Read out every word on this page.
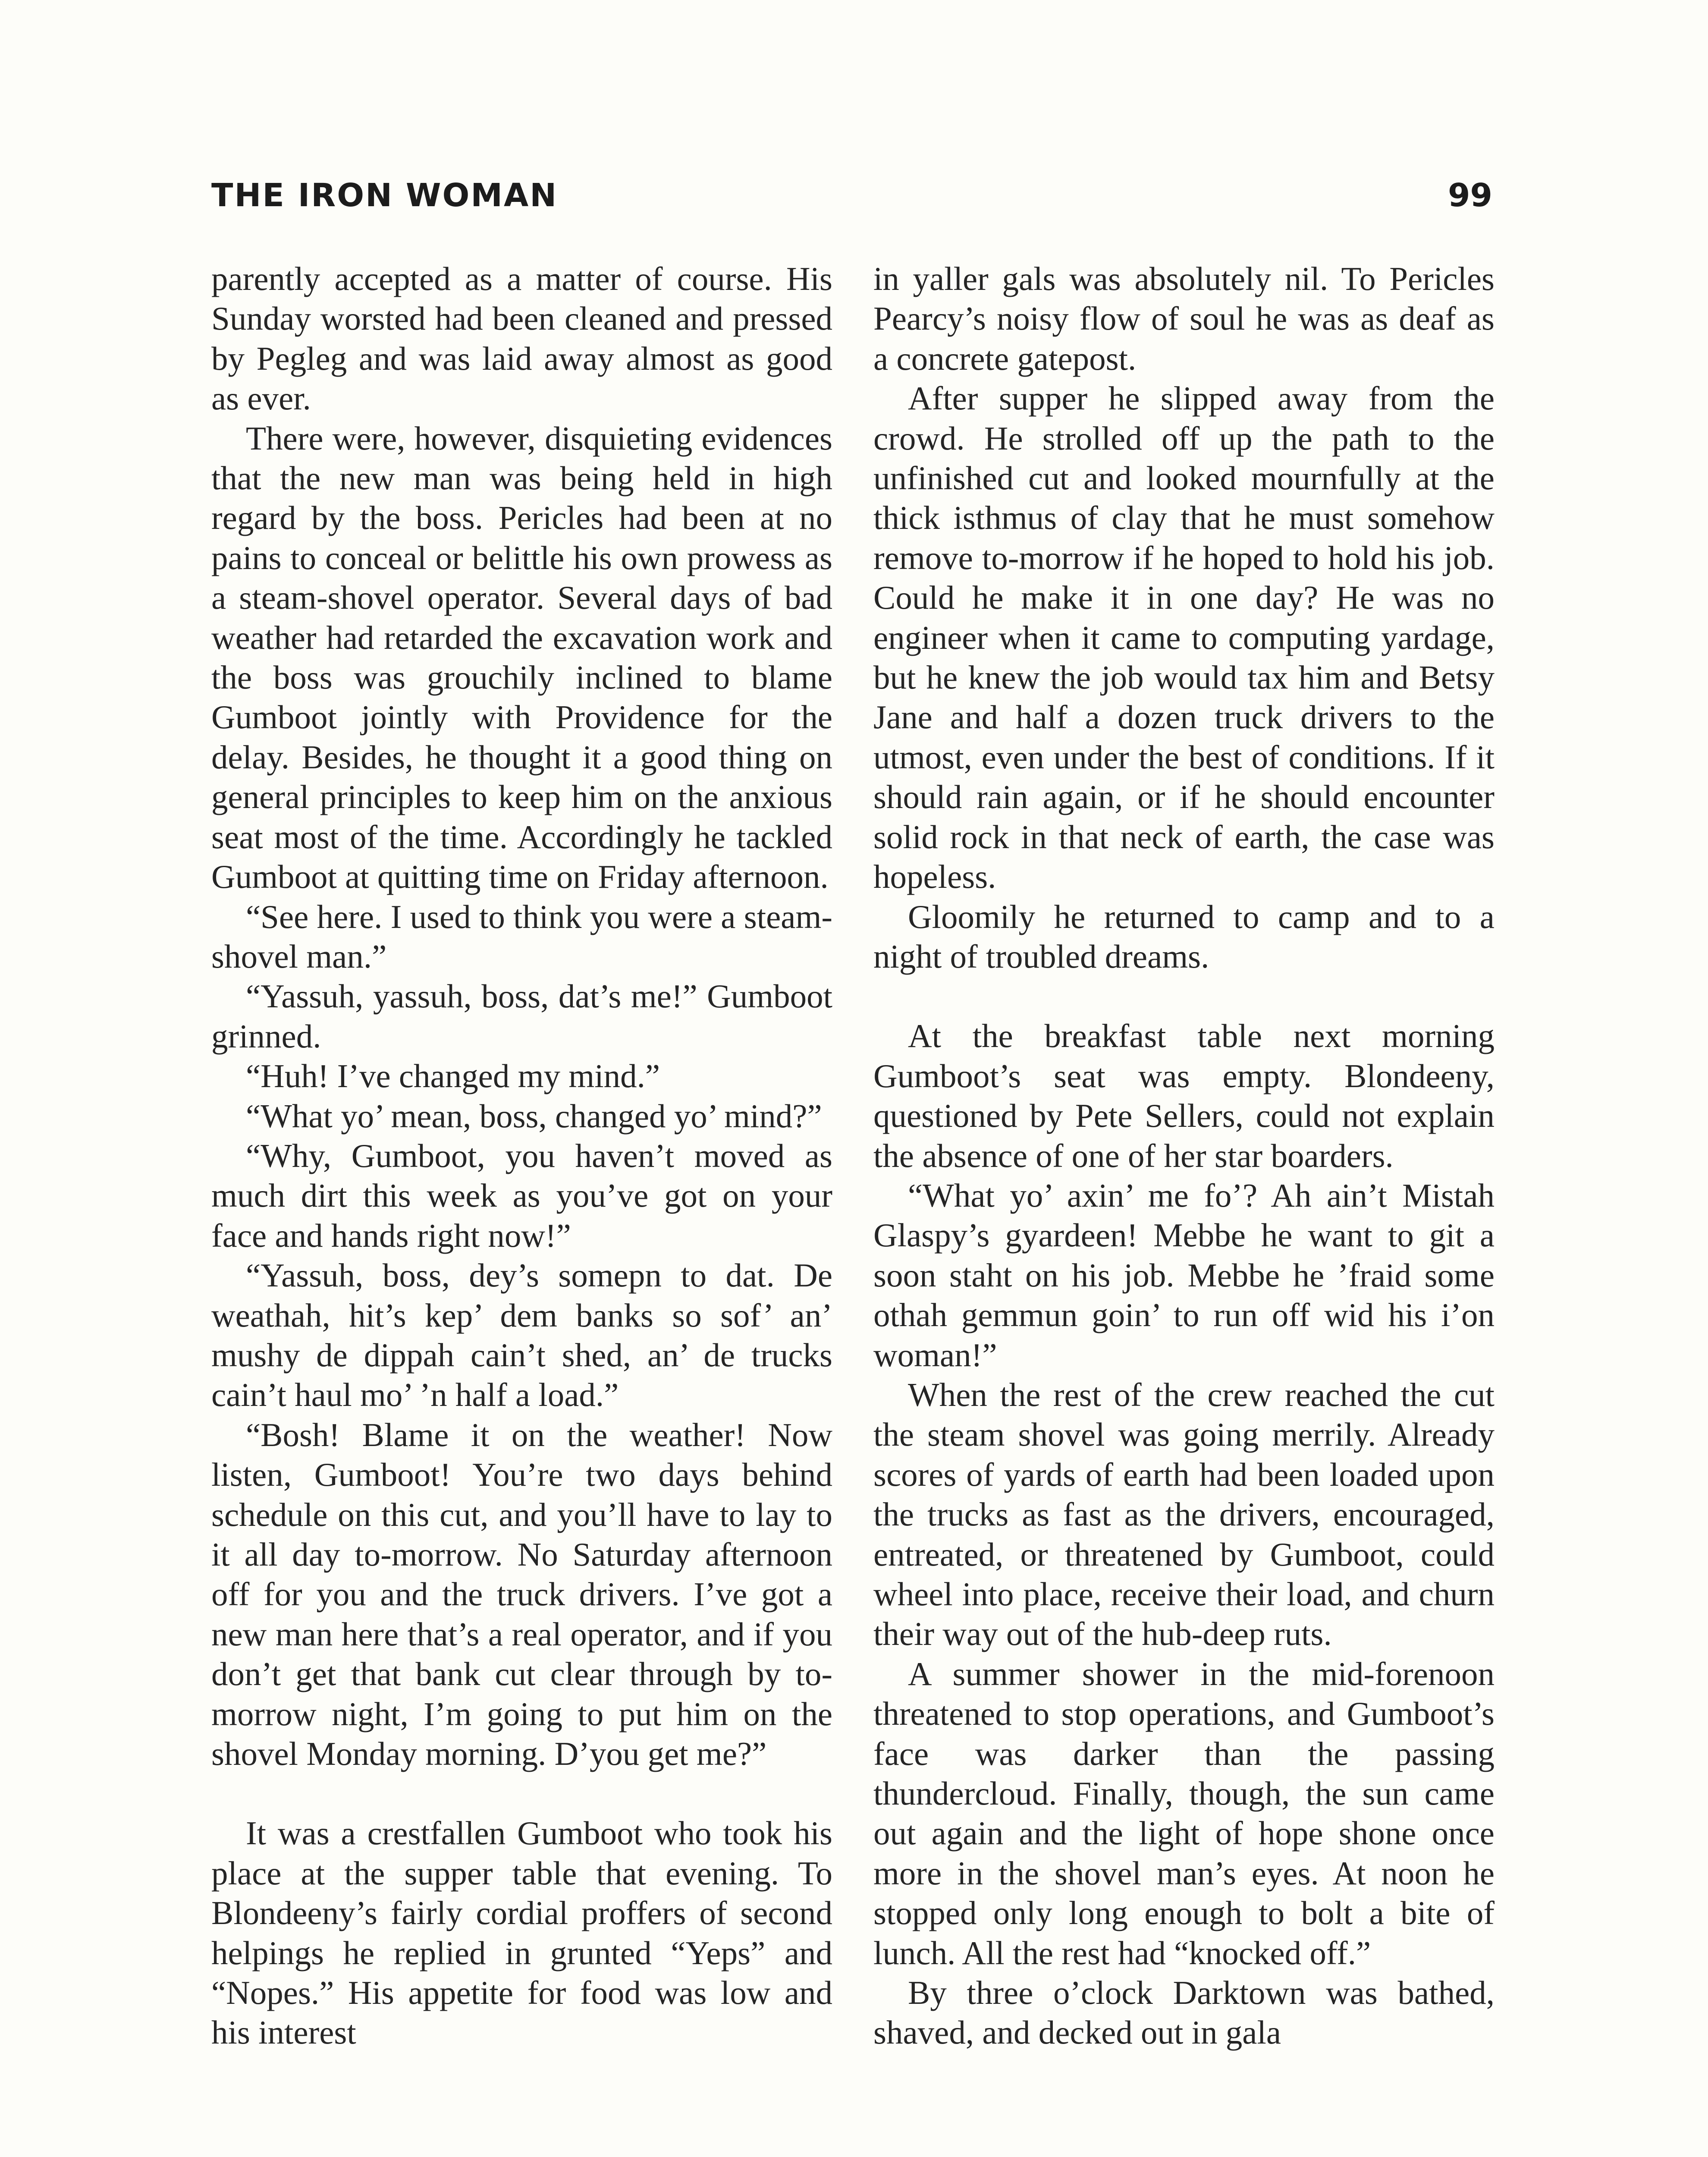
THE IRON WOMAN	99

parently accepted as a matter of course. His Sunday worsted had been cleaned and pressed by Pegleg and was laid away almost as good as ever.

There were, however, disquieting evidences that the new man was being held in high regard by the boss. Pericles had been at no pains to conceal or belittle his own prowess as a steam-shovel operator. Several days of bad weather had retarded the excavation work and the boss was grouchily inclined to blame Gumboot jointly with Providence for the delay. Besides, he thought it a good thing on general principles to keep him on the anxious seat most of the time. Accordingly he tackled Gumboot at quitting time on Friday afternoon.

“See here. I used to think you were a steam-shovel man.”

“Yassuh, yassuh, boss, dat’s me!” Gumboot grinned.

“Huh! I’ve changed my mind.”

“What yo’ mean, boss, changed yo’ mind?”

“Why, Gumboot, you haven’t moved as much dirt this week as you’ve got on your face and hands right now!”

“Yassuh, boss, dey’s somepn to dat. De weathah, hit’s kep’ dem banks so sof’ an’ mushy de dippah cain’t shed, an’ de trucks cain’t haul mo’ ’n half a load.”

“Bosh! Blame it on the weather! Now listen, Gumboot! You’re two days behind schedule on this cut, and you’ll have to lay to it all day to-morrow. No Saturday afternoon off for you and the truck drivers. I’ve got a new man here that’s a real operator, and if you don’t get that bank cut clear through by to-morrow night, I’m going to put him on the shovel Monday morning. D’you get me?”

It was a crestfallen Gumboot who took his place at the supper table that evening. To Blondeeny’s fairly cordial proffers of second helpings he replied in grunted “Yeps” and “Nopes.” His appetite for food was low and his interest

in yaller gals was absolutely nil. To Pericles Pearcy’s noisy flow of soul he was as deaf as a concrete gatepost.

After supper he slipped away from the crowd. He strolled off up the path to the unfinished cut and looked mournfully at the thick isthmus of clay that he must somehow remove to-morrow if he hoped to hold his job. Could he make it in one day? He was no engineer when it came to computing yardage, but he knew the job would tax him and Betsy Jane and half a dozen truck drivers to the utmost, even under the best of conditions. If it should rain again, or if he should encounter solid rock in that neck of earth, the case was hopeless.

Gloomily he returned to camp and to a night of troubled dreams.

At the breakfast table next morning Gumboot’s seat was empty. Blondeeny, questioned by Pete Sellers, could not explain the absence of one of her star boarders.

“What yo’ axin’ me fo’? Ah ain’t Mistah Glaspy’s gyardeen! Mebbe he want to git a soon staht on his job. Mebbe he ’fraid some othah gemmun goin’ to run off wid his i’on woman!”

When the rest of the crew reached the cut the steam shovel was going merrily. Already scores of yards of earth had been loaded upon the trucks as fast as the drivers, encouraged, entreated, or threatened by Gumboot, could wheel into place, receive their load, and churn their way out of the hub-deep ruts.

A summer shower in the mid-forenoon threatened to stop operations, and Gumboot’s face was darker than the passing thundercloud. Finally, though, the sun came out again and the light of hope shone once more in the shovel man’s eyes. At noon he stopped only long enough to bolt a bite of lunch. All the rest had “knocked off.”

By three o’clock Darktown was bathed, shaved, and decked out in gala
